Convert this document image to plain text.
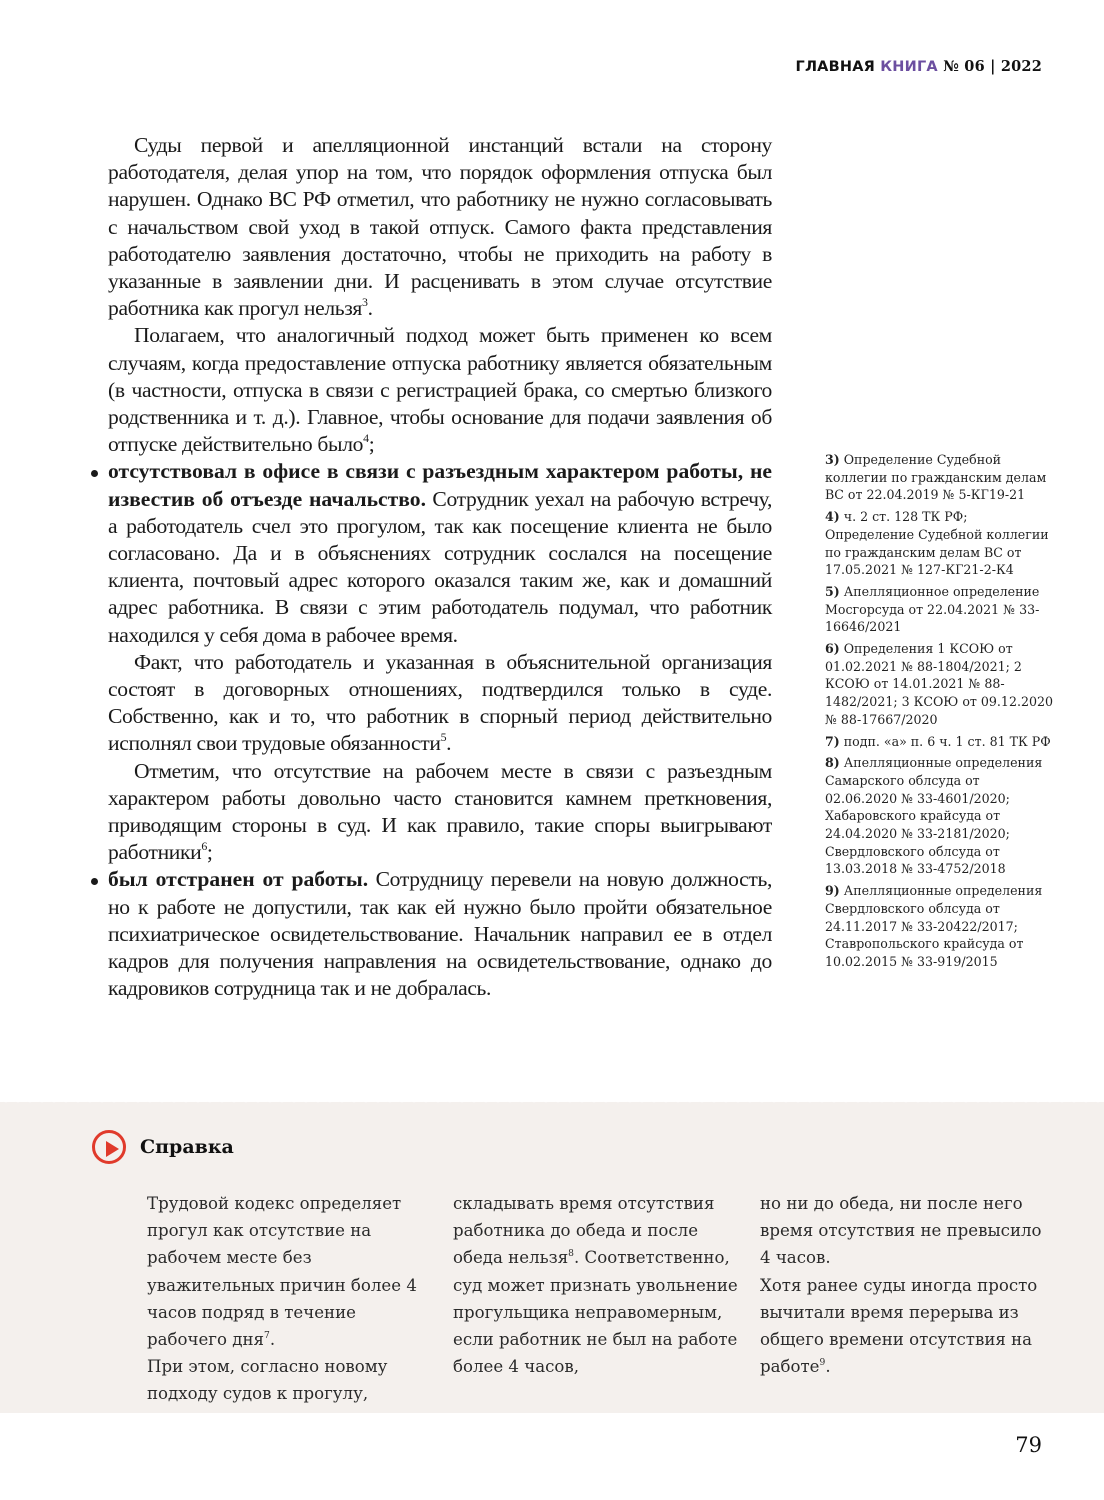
ГЛАВНАЯ КНИГА № 06 | 2022

Суды первой и апелляционной инстанций встали на сторону работодателя, делая упор на том, что порядок оформления отпуска был нарушен. Однако ВС РФ отметил, что работнику не нужно согласовывать с начальством свой уход в такой отпуск. Самого факта представления работодателю заявления достаточно, чтобы не приходить на работу в указанные в заявлении дни. И расценивать в этом случае отсутствие работника как прогул нельзя$^3$.

Полагаем, что аналогичный подход может быть применен ко всем случаям, когда предоставление отпуска работнику является обязательным (в частности, отпуска в связи с регистрацией брака, со смертью близкого родственника и т. д.). Главное, чтобы основание для подачи заявления об отпуске действительно было$^4$;

отсутствовал в офисе в связи с разъездным характером работы, не известив об отъезде начальство. Сотрудник уехал на рабочую встречу, а работодатель счел это прогулом, так как посещение клиента не было согласовано. Да и в объяснениях сотрудник сослался на посещение клиента, почтовый адрес которого оказался таким же, как и домашний адрес работника. В связи с этим работодатель подумал, что работник находился у себя дома в рабочее время.

Факт, что работодатель и указанная в объяснительной организация состоят в договорных отношениях, подтвердился только в суде. Собственно, как и то, что работник в спорный период действительно исполнял свои трудовые обязанности$^5$.

Отметим, что отсутствие на рабочем месте в связи с разъездным характером работы довольно часто становится камнем преткновения, приводящим стороны в суд. И как правило, такие споры выигрывают работники$^6$;

был отстранен от работы. Сотрудницу перевели на новую должность, но к работе не допустили, так как ей нужно было пройти обязательное психиатрическое освидетельствование. Начальник направил ее в отдел кадров для получения направления на освидетельствование, однако до кадровиков сотрудница так и не добралась.

3) Определение Судебной коллегии по гражданским делам ВС от 22.04.2019 № 5-КГ19-21

4) ч. 2 ст. 128 ТК РФ; Определение Судебной коллегии по гражданским делам ВС от 17.05.2021 № 127-КГ21-2-К4

5) Апелляционное определение Мосгорсуда от 22.04.2021 № 33-16646/2021

6) Определения 1 КСОЮ от 01.02.2021 № 88-1804/2021; 2 КСОЮ от 14.01.2021 № 88-1482/2021; 3 КСОЮ от 09.12.2020 № 88-17667/2020

7) подп. «а» п. 6 ч. 1 ст. 81 ТК РФ

8) Апелляционные определения Самарского облсуда от 02.06.2020 № 33-4601/2020; Хабаровского крайсуда от 24.04.2020 № 33-2181/2020; Свердловского облсуда от 13.03.2018 № 33-4752/2018

9) Апелляционные определения Свердловского облсуда от 24.11.2017 № 33-20422/2017; Ставропольского крайсуда от 10.02.2015 № 33-919/2015

Справка

Трудовой кодекс определяет прогул как отсутствие на рабочем месте без уважительных причин более 4 часов подряд в течение рабочего дня$^7$.

При этом, согласно новому подходу судов к прогулу,

складывать время отсутствия работника до обеда и после обеда нельзя$^8$. Соответственно, суд может признать увольнение прогульщика неправомерным, если работник не был на работе более 4 часов,

но ни до обеда, ни после него время отсутствия не превысило 4 часов.

Хотя ранее суды иногда просто вычитали время перерыва из общего времени отсутствия на работе$^9$.

79
